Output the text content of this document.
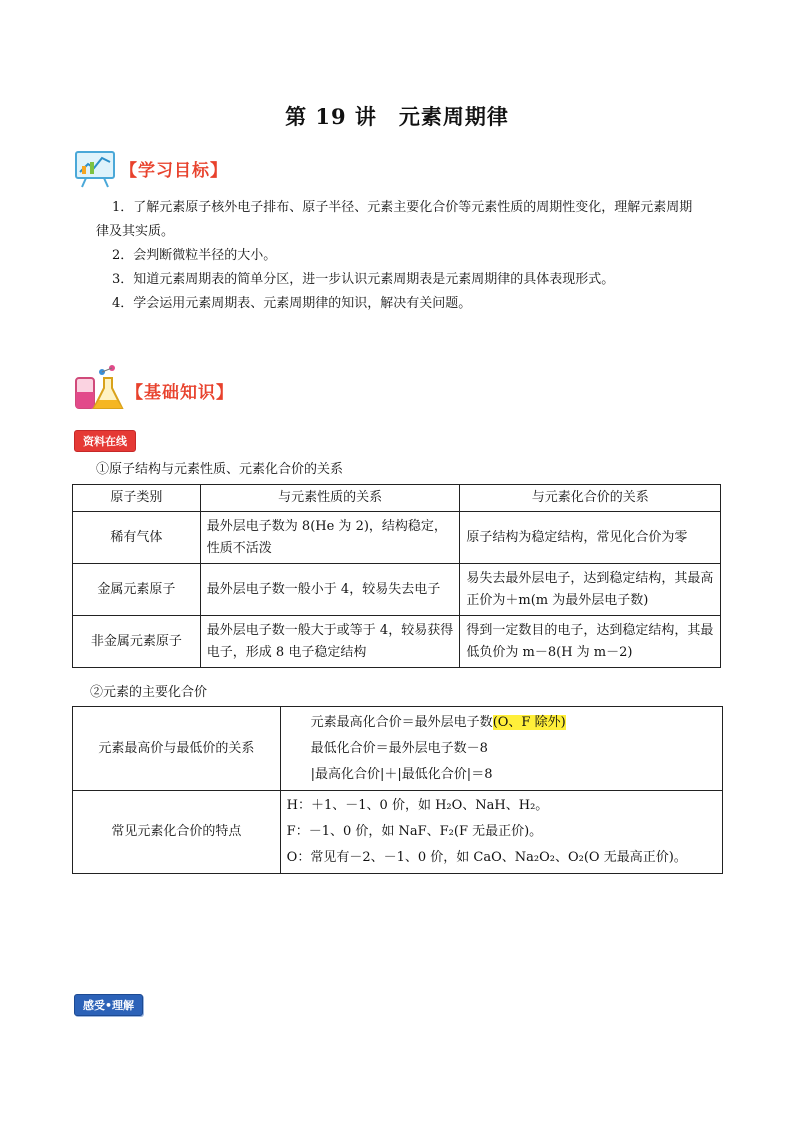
第 19 讲　元素周期律
【学习目标】
1．了解元素原子核外电子排布、原子半径、元素主要化合价等元素性质的周期性变化，理解元素周期
律及其实质。
2．会判断微粒半径的大小。
3．知道元素周期表的简单分区，进一步认识元素周期表是元素周期律的具体表现形式。
4．学会运用元素周期表、元素周期律的知识，解决有关问题。
【基础知识】
资料在线
①原子结构与元素性质、元素化合价的关系
原子类别	与元素性质的关系	与元素化合价的关系
稀有气体	最外层电子数为 8(He 为 2)，结构稳定，性质不活泼	原子结构为稳定结构，常见化合价为零
金属元素原子	最外层电子数一般小于 4，较易失去电子	易失去最外层电子，达到稳定结构，其最高正价为＋m(m 为最外层电子数)
非金属元素原子	最外层电子数一般大于或等于 4，较易获得电子，形成 8 电子稳定结构	得到一定数目的电子，达到稳定结构，其最低负价为 m－8(H 为 m－2)
②元素的主要化合价
元素最高价与最低价的关系	元素最高化合价＝最外层电子数(O、F 除外)
最低化合价＝最外层电子数－8
|最高化合价|＋|最低化合价|＝8

常见元素化合价的特点	H：＋1、－1、0 价，如 H₂O、NaH、H₂。
F：－1、0 价，如 NaF、F₂(F 无最正价)。
O：常见有－2、－1、0 价，如 CaO、Na₂O₂、O₂(O 无最高正价)。
感受•理解
